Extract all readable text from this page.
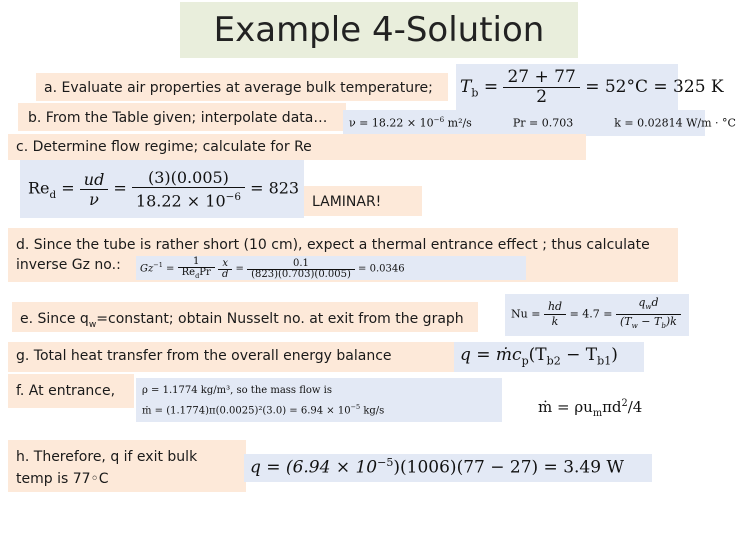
Example 4-Solution
a. Evaluate air properties at average bulk temperature;	$T_b = \frac{27 + 77}{2} = 52^\circ C = 325$ K
b. From the Table given; interpolate data…	$\nu = 18.22 \times 10^{-6}$ m²/s	Pr = 0.703	k = 0.02814 W/m · °C
c. Determine flow regime; calculate for Re
$Re_d = \frac{ud}{\nu} = \frac{(3)(0.005)}{18.22 \times 10^{-6}} = 823$
LAMINAR!
d. Since the tube is rather short (10 cm), expect a thermal entrance effect ; thus calculate inverse Gz no.:	$Gz^{-1} = \frac{1}{Re_dPr}$
$\frac{x}{d} = \frac{0.1}{(823)(0.703)(0.005)} = 0.0346$
e. Since $q_w=constant$; obtain Nusselt no. at exit from the graph	$Nu = \frac{hd}{k} = 4.7 = \frac{q_wd}{(T_w - T_b)k}$
g. Total heat transfer from the overall energy balance	$q = ṁc_p(T_{b2} - T_{b1})$
f. At entrance,	ρ = 1.1774 kg/m³, so the mass flow is
ṁ = $(1.1774)\pi(0.0025)^2(3.0) = 6.94 \times 10^{-5}$ kg/s	ṁ = $\rho u_m\pi d^2/4$
h. Therefore, q if exit bulk temp is 77◦C
$q = (6.94 \times 10^{-5})(1006)(77 - 27) = 3.49$ W
